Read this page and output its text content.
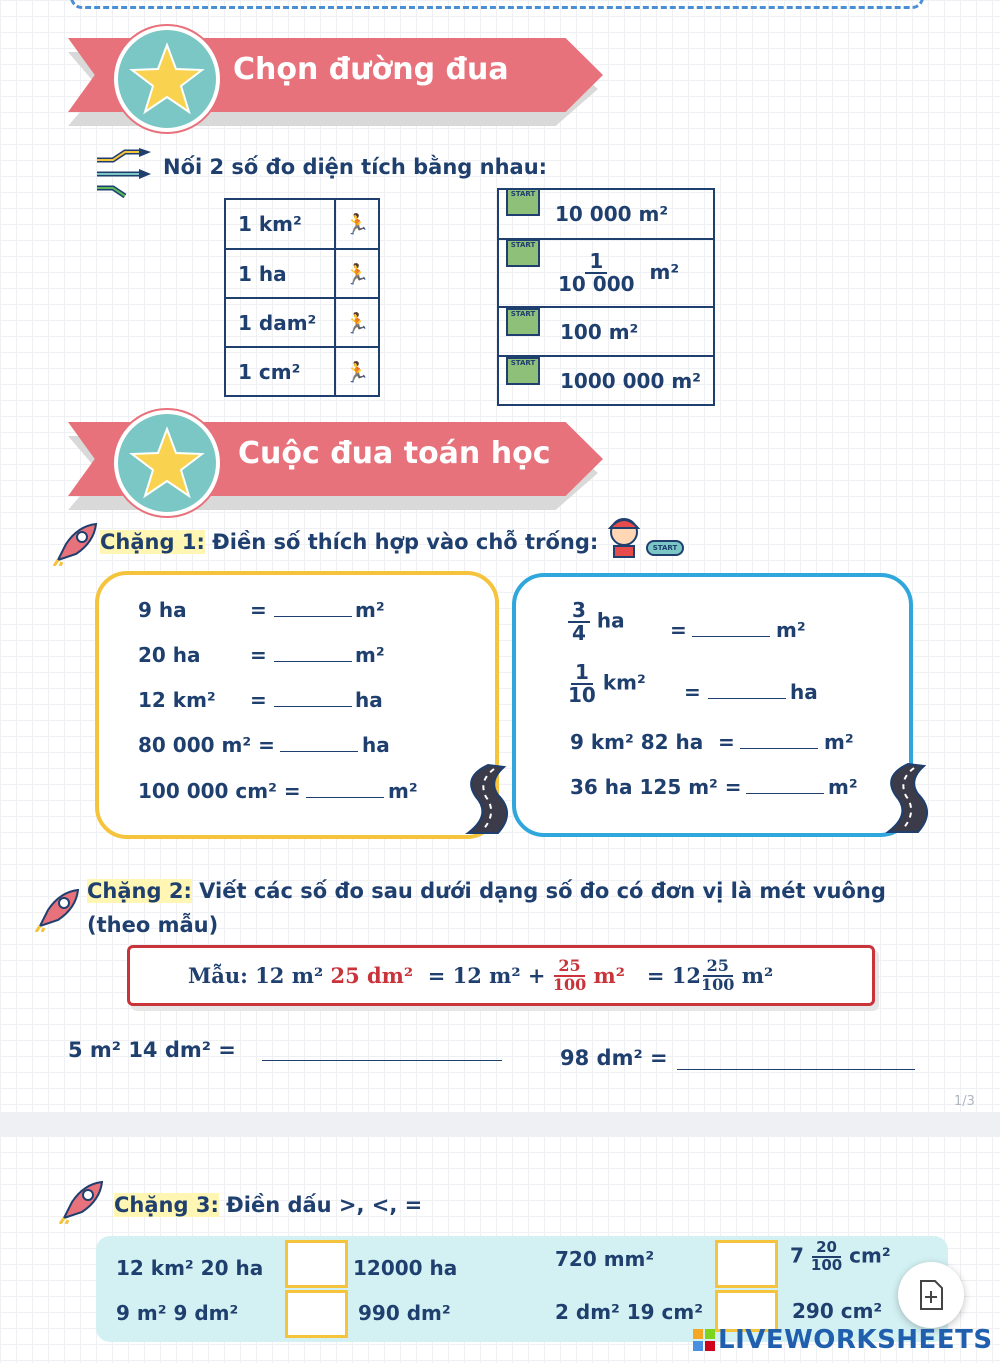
Chọn đường đua
Nối 2 số đo diện tích bằng nhau:
1 km²	🏃
1 ha	🏃
1 dam²	🏃
1 cm²	🏃
START
10 000 m²

START
$\frac{1}{10 000} m^2$

START
100 m²

START
1000 000 m²
Cuộc đua toán học
Chặng 1: Điền số thích hợp vào chỗ trống:	START
9 ha	=	m²
20 ha =	m²
12 km² =	ha
80 000 m² =	ha
100 000 cm² =	m²
$\frac{3}{4}$ ha =	m²
$\frac{1}{10} km^2$ =	ha
9 km² 82 ha =	m²
36 ha 125 m² =	m²
Chặng 2: Viết các số đo sau dưới dạng số đo có đơn vị là mét vuông
(theo mẫu)
Mẫu: 12 m²
25 dm²
= 12 m² +
$\frac{25}{100}$
m²
= $12 \frac{25}{100}$
m²
5 m² 14 dm² =	98 dm² =
1/3
Chặng 3: Điền dấu >, <, =
12 km² 20 ha	12000 ha	720 mm²	$7 \frac{20}{100} cm^2$
9 m² 9 dm²	990 dm²	2 dm² 19 cm²	290 cm²
LIVEWORKSHEETS
